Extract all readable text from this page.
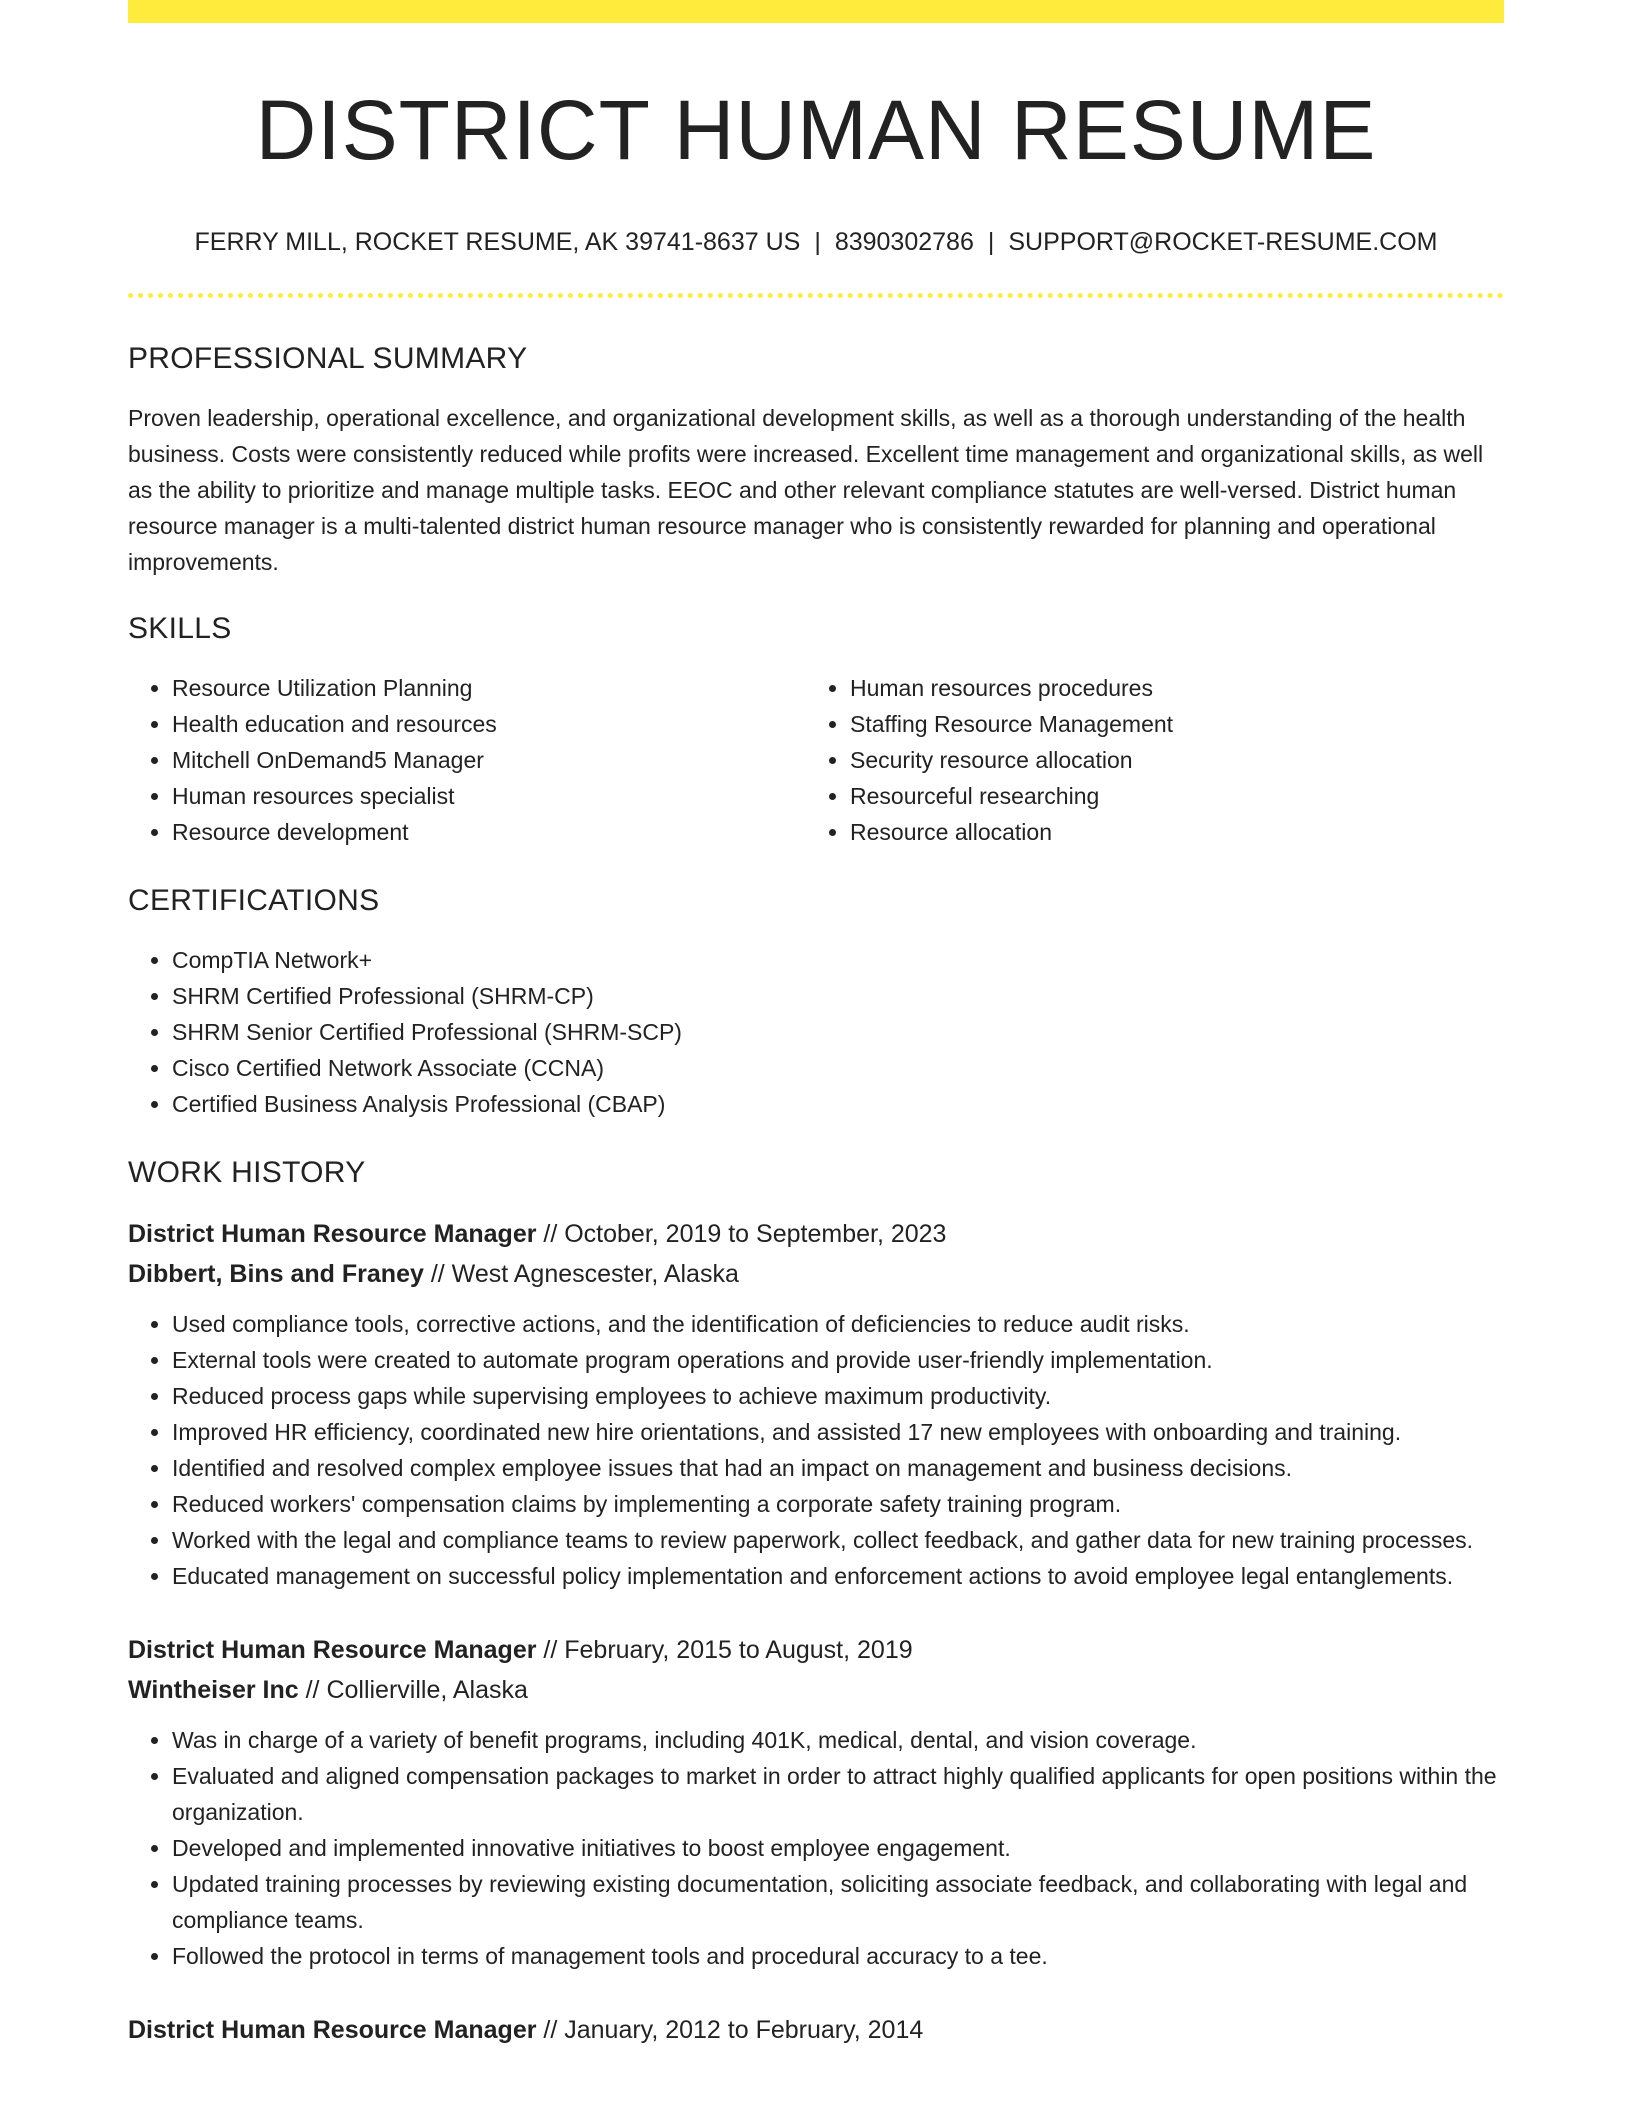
DISTRICT HUMAN RESUME
FERRY MILL, ROCKET RESUME, AK 39741-8637 US | 8390302786 | SUPPORT@ROCKET-RESUME.COM
PROFESSIONAL SUMMARY

Proven leadership, operational excellence, and organizational development skills, as well as a thorough understanding of the health business. Costs were consistently reduced while profits were increased. Excellent time management and organizational skills, as well as the ability to prioritize and manage multiple tasks. EEOC and other relevant compliance statutes are well-versed. District human resource manager is a multi-talented district human resource manager who is consistently rewarded for planning and operational improvements.

SKILLS
• Resource Utilization Planning
• Health education and resources
• Mitchell OnDemand5 Manager
• Human resources specialist
• Resource development
• Human resources procedures
• Staffing Resource Management
• Security resource allocation
• Resourceful researching
• Resource allocation
CERTIFICATIONS
• CompTIA Network+
• SHRM Certified Professional (SHRM-CP)
• SHRM Senior Certified Professional (SHRM-SCP)
• Cisco Certified Network Associate (CCNA)
• Certified Business Analysis Professional (CBAP)
WORK HISTORY
District Human Resource Manager // October, 2019 to September, 2023
Dibbert, Bins and Franey // West Agnescester, Alaska
• Used compliance tools, corrective actions, and the identification of deficiencies to reduce audit risks.
• External tools were created to automate program operations and provide user-friendly implementation.
• Reduced process gaps while supervising employees to achieve maximum productivity.
• Improved HR efficiency, coordinated new hire orientations, and assisted 17 new employees with onboarding and training.
• Identified and resolved complex employee issues that had an impact on management and business decisions.
• Reduced workers' compensation claims by implementing a corporate safety training program.
• Worked with the legal and compliance teams to review paperwork, collect feedback, and gather data for new training processes.
• Educated management on successful policy implementation and enforcement actions to avoid employee legal entanglements.
District Human Resource Manager // February, 2015 to August, 2019
Wintheiser Inc // Collierville, Alaska
• Was in charge of a variety of benefit programs, including 401K, medical, dental, and vision coverage.
• Evaluated and aligned compensation packages to market in order to attract highly qualified applicants for open positions within the organization.
• Developed and implemented innovative initiatives to boost employee engagement.
• Updated training processes by reviewing existing documentation, soliciting associate feedback, and collaborating with legal and compliance teams.
• Followed the protocol in terms of management tools and procedural accuracy to a tee.
District Human Resource Manager // January, 2012 to February, 2014
